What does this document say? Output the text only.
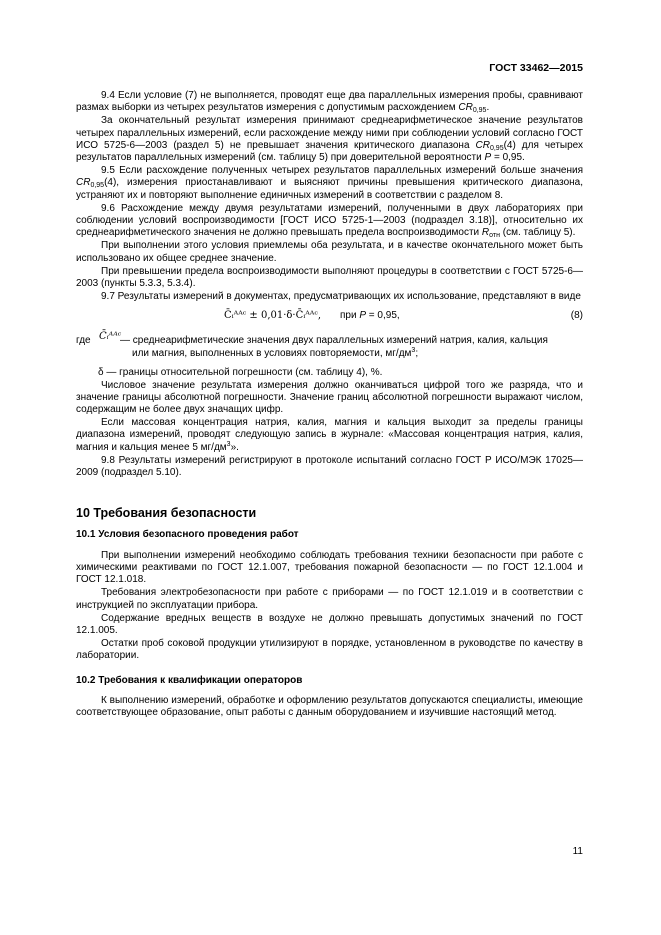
ГОСТ 33462—2015

9.4 Если условие (7) не выполняется, проводят еще два параллельных измерения пробы, сравнивают размах выборки из четырех результатов измерения с допустимым расхождением $CR_{0,95}$.

За окончательный результат измерения принимают среднеарифметическое значение результатов четырех параллельных измерений, если расхождение между ними при соблюдении условий согласно ГОСТ ИСО 5725-6—2003 (раздел 5) не превышает значения критического диапазона $CR_{0,95}(4)$ для четырех результатов параллельных измерений (см. таблицу 5) при доверительной вероятности P = 0,95.

9.5 Если расхождение полученных четырех результатов параллельных измерений больше значения $CR_{0,95}(4)$, измерения приостанавливают и выясняют причины превышения критического диапазона, устраняют их и повторяют выполнение единичных измерений в соответствии с разделом 8.

9.6 Расхождение между двумя результатами измерений, полученными в двух лабораториях при соблюдении условий воспроизводимости [ГОСТ ИСО 5725-1—2003 (подраздел 3.18)], относительно их среднеарифметического значения не должно превышать предела воспроизводимости $R_{отн}$ (см. таблицу 5).

При выполнении этого условия приемлемы оба результата, и в качестве окончательного может быть использовано их общее среднее значение.

При превышении предела воспроизводимости выполняют процедуры в соответствии с ГОСТ 5725-6—2003 (пункты 5.3.3, 5.3.4).

9.7 Результаты измерений в документах, предусматривающих их использование, представляют в виде

C̄ᵢᴬᴬᶜ ± 0,01·δ·C̄ᵢᴬᴬᶜ, при P = 0,95,	(8)
где C̄ᵢᴬᴬᶜ
— среднеарифметические значения двух параллельных измерений натрия, калия, кальция
или магния, выполненных в условиях повторяемости, $мг/дм^3$;

δ — границы относительной погрешности (см. таблицу 4), %.

Числовое значение результата измерения должно оканчиваться цифрой того же разряда, что и значение границы абсолютной погрешности. Значение границ абсолютной погрешности выражают числом, содержащим не более двух значащих цифр.

Если массовая концентрация натрия, калия, магния и кальция выходит за пределы границы диапазона измерений, проводят следующую запись в журнале: «Массовая концентрация натрия, калия, магния и кальция менее 5 $мг/дм^3$».

9.8 Результаты измерений регистрируют в протоколе испытаний согласно ГОСТ Р ИСО/МЭК 17025—2009 (подраздел 5.10).

10 Требования безопасности
10.1 Условия безопасного проведения работ

При выполнении измерений необходимо соблюдать требования техники безопасности при работе с химическими реактивами по ГОСТ 12.1.007, требования пожарной безопасности — по ГОСТ 12.1.004 и ГОСТ 12.1.018.

Требования электробезопасности при работе с приборами — по ГОСТ 12.1.019 и в соответствии с инструкцией по эксплуатации прибора.

Содержание вредных веществ в воздухе не должно превышать допустимых значений по ГОСТ 12.1.005.

Остатки проб соковой продукции утилизируют в порядке, установленном в руководстве по качеству в лаборатории.

10.2 Требования к квалификации операторов

К выполнению измерений, обработке и оформлению результатов допускаются специалисты, имеющие соответствующее образование, опыт работы с данным оборудованием и изучившие настоящий метод.

11
